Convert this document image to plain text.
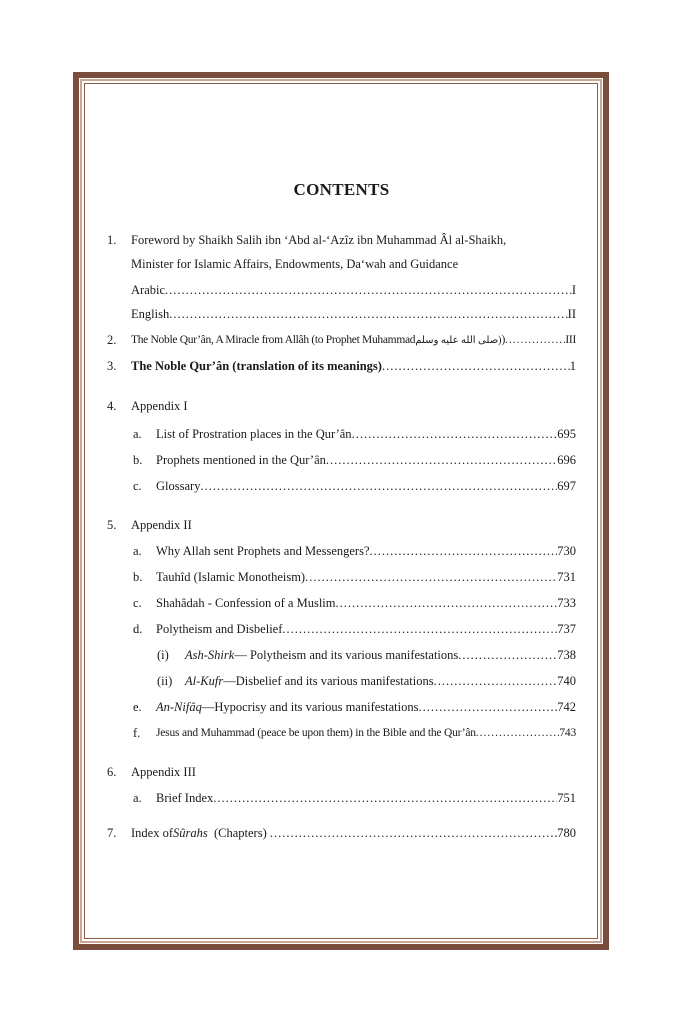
CONTENTS
1. Foreword by Shaikh Salih ibn ‘Abd al-‘Azîz ibn Muhammad Âl al-Shaikh,
Minister for Islamic Affairs, Endowments, Da‘wah and Guidance
Arabic .....	I
English .....	II
2. The Noble Qur’ân, A Miracle from Allâh (to Prophet Muhammad (صلى الله عليه وسلم ) .....	III
3. The Noble Qur’ân (translation of its meanings) .....	1
4. Appendix I
a. List of Prostration places in the Qur’ân .....	695
b. Prophets mentioned in the Qur’ân .....	696
c. Glossary .....	697
5. Appendix II
a. Why Allah sent Prophets and Messengers? .....	730
b. Tauhîd (Islamic Monotheism) .....	731
c. Shahâdah - Confession of a Muslim .....	733
d. Polytheism and Disbelief .....	737
(i) Ash-Shirk — Polytheism and its various manifestations .....	738
(ii) Al-Kufr —Disbelief and its various manifestations .....	740
e. An-Nifâq —Hypocrisy and its various manifestations .....	742
f. Jesus and Muhammad (peace be upon them) in the Bible and the Qur’ân .....	743
6. Appendix III
a. Brief Index .....	751
7. Index of Sûrahs (Chapters) .....	780
